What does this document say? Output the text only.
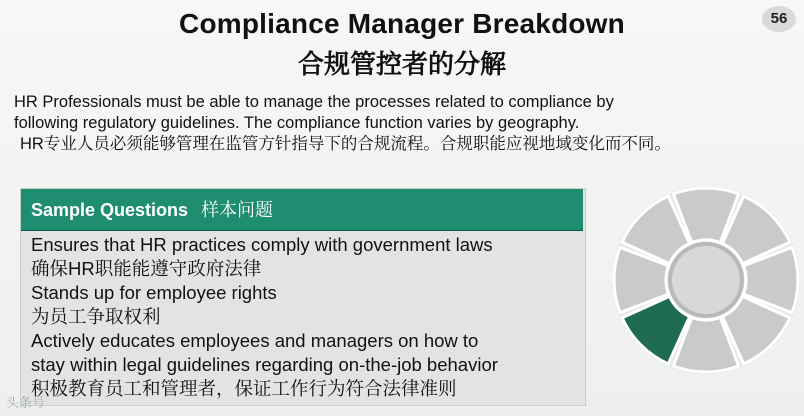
56
Compliance Manager Breakdown
合规管控者的分解
HR Professionals must be able to manage the processes related to compliance by
following regulatory guidelines. The compliance function varies by geography.
HR专业人员必须能够管理在监管方针指导下的合规流程。合规职能应视地域变化而不同。
Sample Questions 样本问题
Ensures that HR practices comply with government laws
确保HR职能能遵守政府法律
Stands up for employee rights
为员工争取权利
Actively educates employees and managers on how to
stay within legal guidelines regarding on-the-job behavior
积极教育员工和管理者，保证工作行为符合法律准则
头条号
